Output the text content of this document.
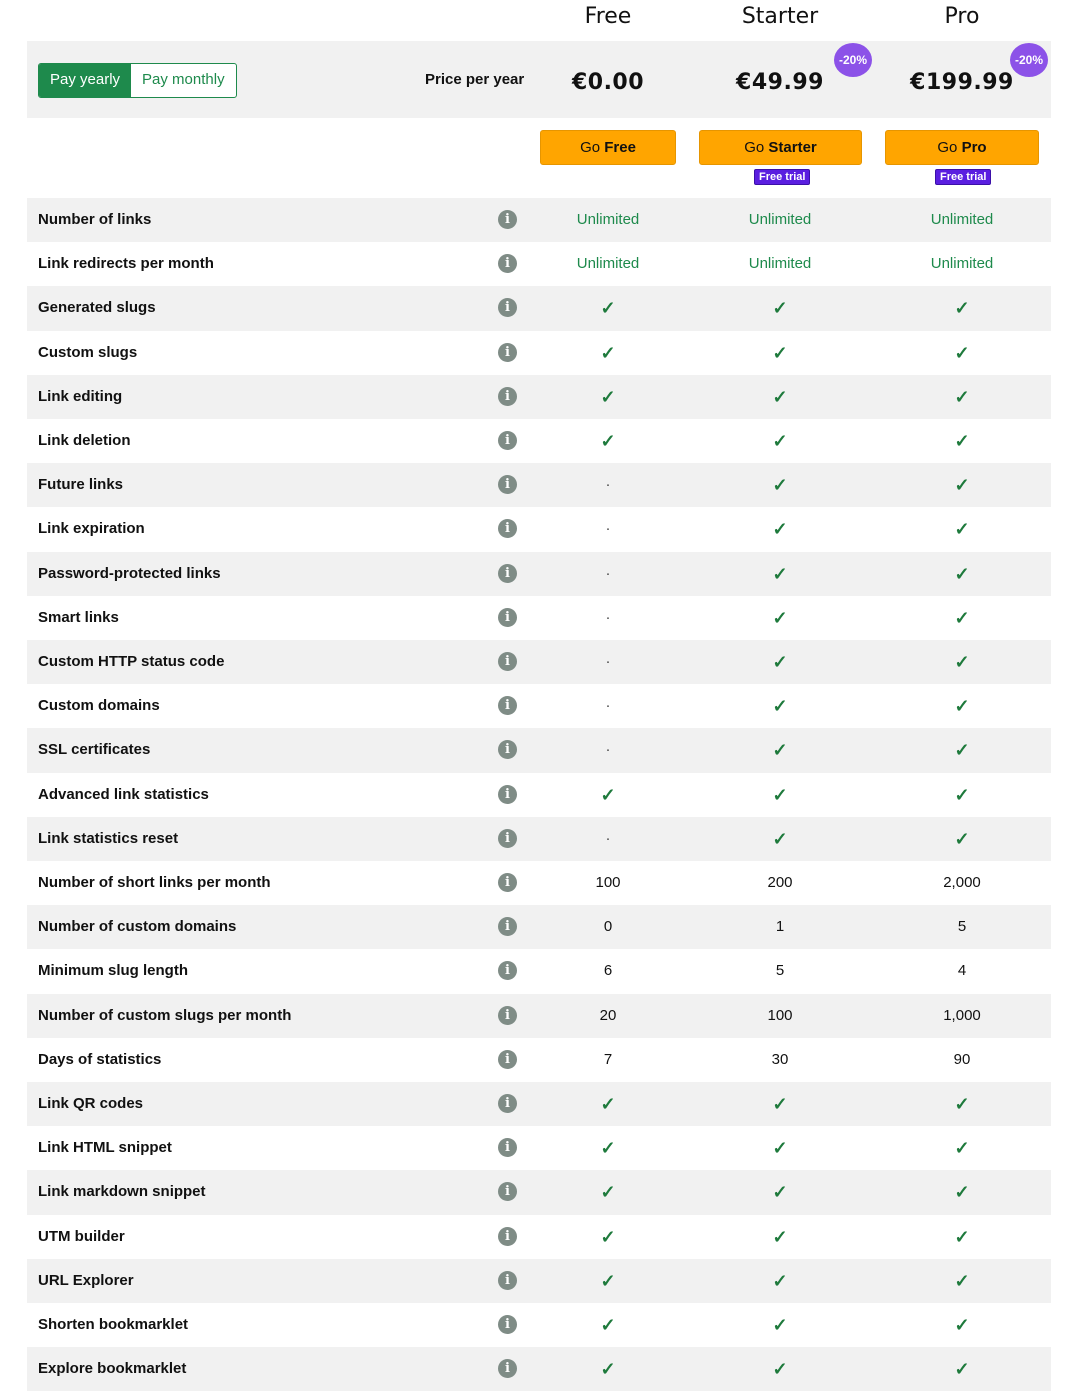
Free	Starter	Pro
Pay yearly	Pay monthly	Price per year	€0.00	€49.99	€199.99
-20%	-20%
Go Free	Go Starter	Go Pro
Free trial	Free trial
Number of links	i	Unlimited	Unlimited	Unlimited
Link redirects per month	i	Unlimited	Unlimited	Unlimited
Generated slugs	i	✓	✓	✓
Custom slugs	i	✓	✓	✓
Link editing	i	✓	✓	✓
Link deletion	i	✓	✓	✓
Future links	i	·	✓	✓
Link expiration	i	·	✓	✓
Password-protected links	i	·	✓	✓
Smart links	i	·	✓	✓
Custom HTTP status code	i	·	✓	✓
Custom domains	i	·	✓	✓
SSL certificates	i	·	✓	✓
Advanced link statistics	i	✓	✓	✓
Link statistics reset	i	·	✓	✓
Number of short links per month	i	100	200	2,000
Number of custom domains	i	0	1	5
Minimum slug length	i	6	5	4
Number of custom slugs per month	i	20	100	1,000
Days of statistics	i	7	30	90
Link QR codes	i	✓	✓	✓
Link HTML snippet	i	✓	✓	✓
Link markdown snippet	i	✓	✓	✓
UTM builder	i	✓	✓	✓
URL Explorer	i	✓	✓	✓
Shorten bookmarklet	i	✓	✓	✓
Explore bookmarklet	i	✓	✓	✓
